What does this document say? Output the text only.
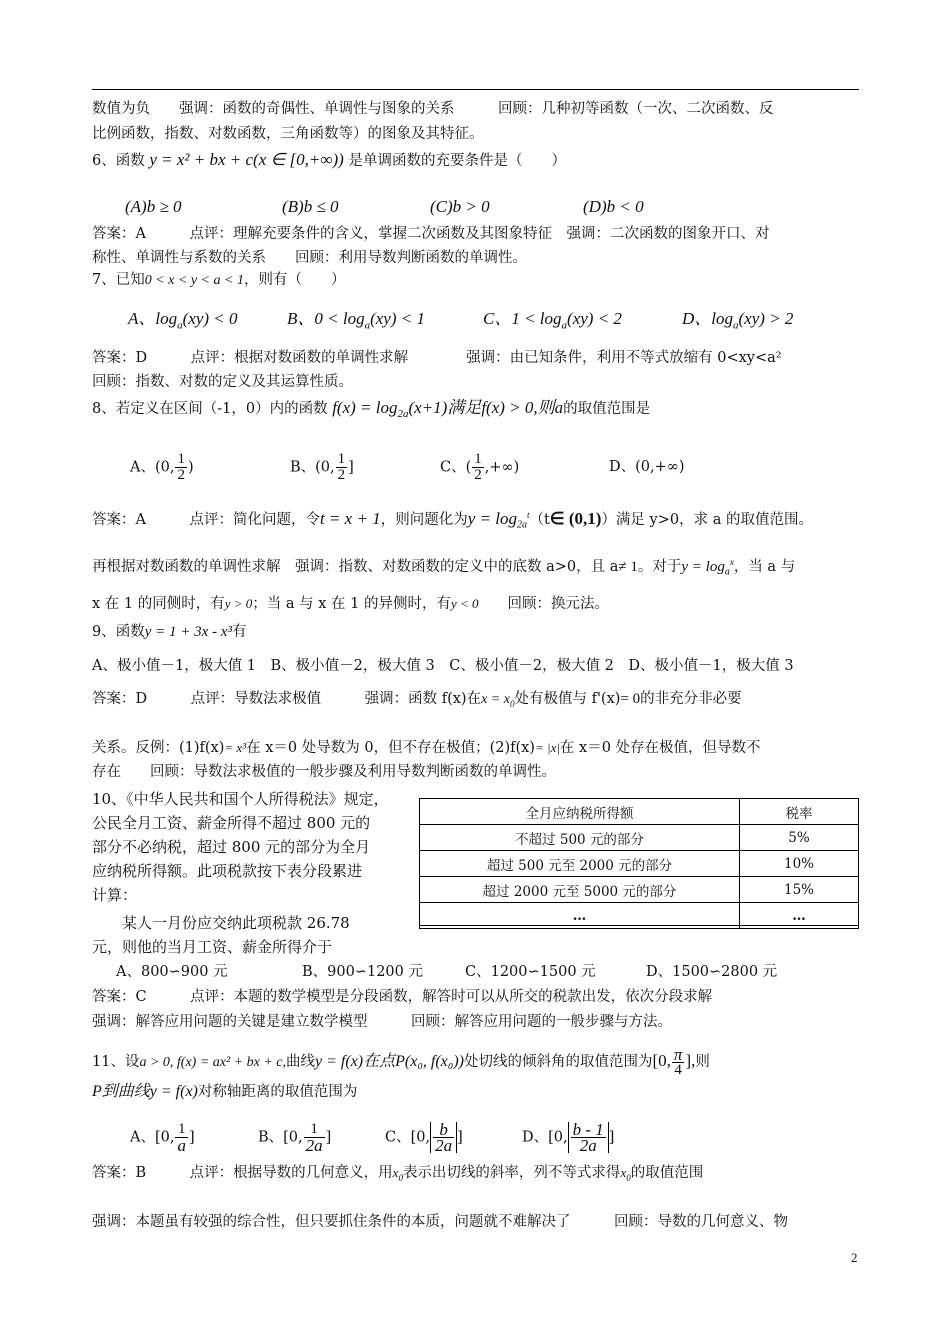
数值为负　　强调：函数的奇偶性、单调性与图象的关系　　　回顾：几种初等函数（一次、二次函数、反
比例函数，指数、对数函数，三角函数等）的图象及其特征。
6、函数 y = x² + bx + c(x ∈ [0,+∞)) 是单调函数的充要条件是（　　）
(A)b ≥ 0	(B)b ≤ 0	(C)b > 0	(D)b < 0
答案：A　　　点评：理解充要条件的含义，掌握二次函数及其图象特征　强调：二次函数的图象开口、对
称性、单调性与系数的关系　　回顾：利用导数判断函数的单调性。
7、已知0 < x < y < a < 1，则有（　　）
A、$\log_a(xy) < 0$	B、$0 < \log_a(xy) < 1$	C、$1 < \log_a(xy) < 2$	D、$\log_a(xy) > 2$
答案：D　　　点评：根据对数函数的单调性求解　　　　强调：由已知条件，利用不等式放缩有 0<xy<a²
回顾：指数、对数的定义及其运算性质。
8、若定义在区间（-1，0）内的函数 $f(x) = \log_{2a}(x+1)$满足f(x) > 0,则a的取值范围是
A、(0, $\frac{1}{2}$ )	B、(0, $\frac{1}{2}$ ]	C、( $\frac{1}{2}$ ,+∞)	D、(0,+∞)
答案：A　　　点评：简化问题，令t = x + 1，则问题化为$y = \log_{2a}^t(t\in$ (0,1)）满足 y>0，求 a 的取值范围。
再根据对数函数的单调性求解　强调：指数、对数函数的定义中的底数 a>0，且 a≠ 1。对于$y = \log_a^x$，当 a 与
x 在 1 的同侧时，有y > 0；当 a 与 x 在 1 的异侧时，有y < 0　　回顾：换元法。
9、函数y = 1 + 3x - x³有
A、极小值－1，极大值 1　B、极小值－2，极大值 3　C、极小值－2，极大值 2　D、极小值－1，极大值 3
答案：D　　　点评：导数法求极值　　　强调：函数 f(x)在$x = x_0$处有极值与 f'(x)= 0的非充分非必要
关系。反例：(1)f(x)= x³在 x＝0 处导数为 0，但不存在极值；(2)f(x)= |x|在 x＝0 处存在极值，但导数不
存在　　回顾：导数法求极值的一般步骤及利用导数判断函数的单调性。
10、《中华人民共和国个人所得税法》规定，
公民全月工资、薪金所得不超过 800 元的
部分不必纳税，超过 800 元的部分为全月
应纳税所得额。此项税款按下表分段累进
计算：
　　某人一月份应交纳此项税款 26.78
元，则他的当月工资、薪金所得介于
全月应纳税所得额	税率
不超过 500 元的部分	5%
超过 500 元至 2000 元的部分	10%
超过 2000 元至 5000 元的部分	15%
…	…
A、800∽900 元	B、900∽1200 元	C、1200∽1500 元	D、1500∽2800 元
答案：C　　　点评：本题的数学模型是分段函数，解答时可以从所交的税款出发，依次分段求解
强调：解答应用问题的关键是建立数学模型　　　回顾：解答应用问题的一般步骤与方法。
11、设a > 0, f(x) = ax² + bx + c,曲线y = f(x)在点P(x₀, f(x₀))处切线的倾斜角的取值范围为[0, $\frac{\pi}{4}$ ],则
P到曲线y = f(x)对称轴距离的取值范围为
A、[0, $\frac{1}{a}$ ]	B、[0, $\frac{1}{2a}$ ]	C、[0, $\frac{b}{2a}$ ]	D、[0, $\frac{b - 1}{2a}$ ]
答案：B　　　点评：根据导数的几何意义，用$x_0$表示出切线的斜率，列不等式求得$x_0$的取值范围
强调：本题虽有较强的综合性，但只要抓住条件的本质，问题就不难解决了　　　回顾：导数的几何意义、物
2
